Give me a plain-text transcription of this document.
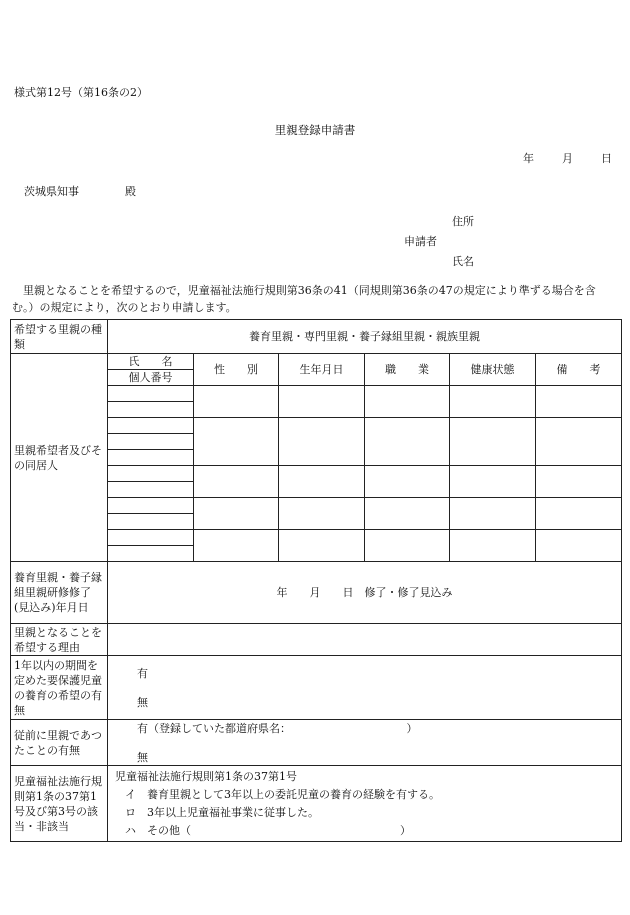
様式第12号（第16条の2）
里親登録申請書
年	月	日
茨城県知事	殿
住所
申請者
氏名
里親となることを希望するので，児童福祉法施行規則第36条の41（同規則第36条の47の規定により準ずる場合を含む。）の規定により，次のとおり申請します。
希望する里親の種類	養育里親・専門里親・養子縁組里親・親族里親					
里親希望者及びその同居人	氏　　名	性　　別	生年月日	職　　業	健康状態	備　　考
	個人番号					

養育里親・養子縁組里親研修修了(見込み)年月日	年　　月　　日　修了・修了見込み					
里親となることを希望する理由						
1年以内の期間を定めた要保護児童の養育の希望の有無	有
無					

従前に里親であつたことの有無	有（登録していた都道府県名：　　　　　　　　　　　）
無					

児童福祉法施行規則第1条の37第1号及び第3号の該当・非該当	児童福祉法施行規則第1条の37第1号
イ　養育里親として3年以上の委託児童の養育の経験を有する。
ロ　3年以上児童福祉事業に従事した。
ハ　その他（　　　　　　　　　　　　　　　　　　　）					
